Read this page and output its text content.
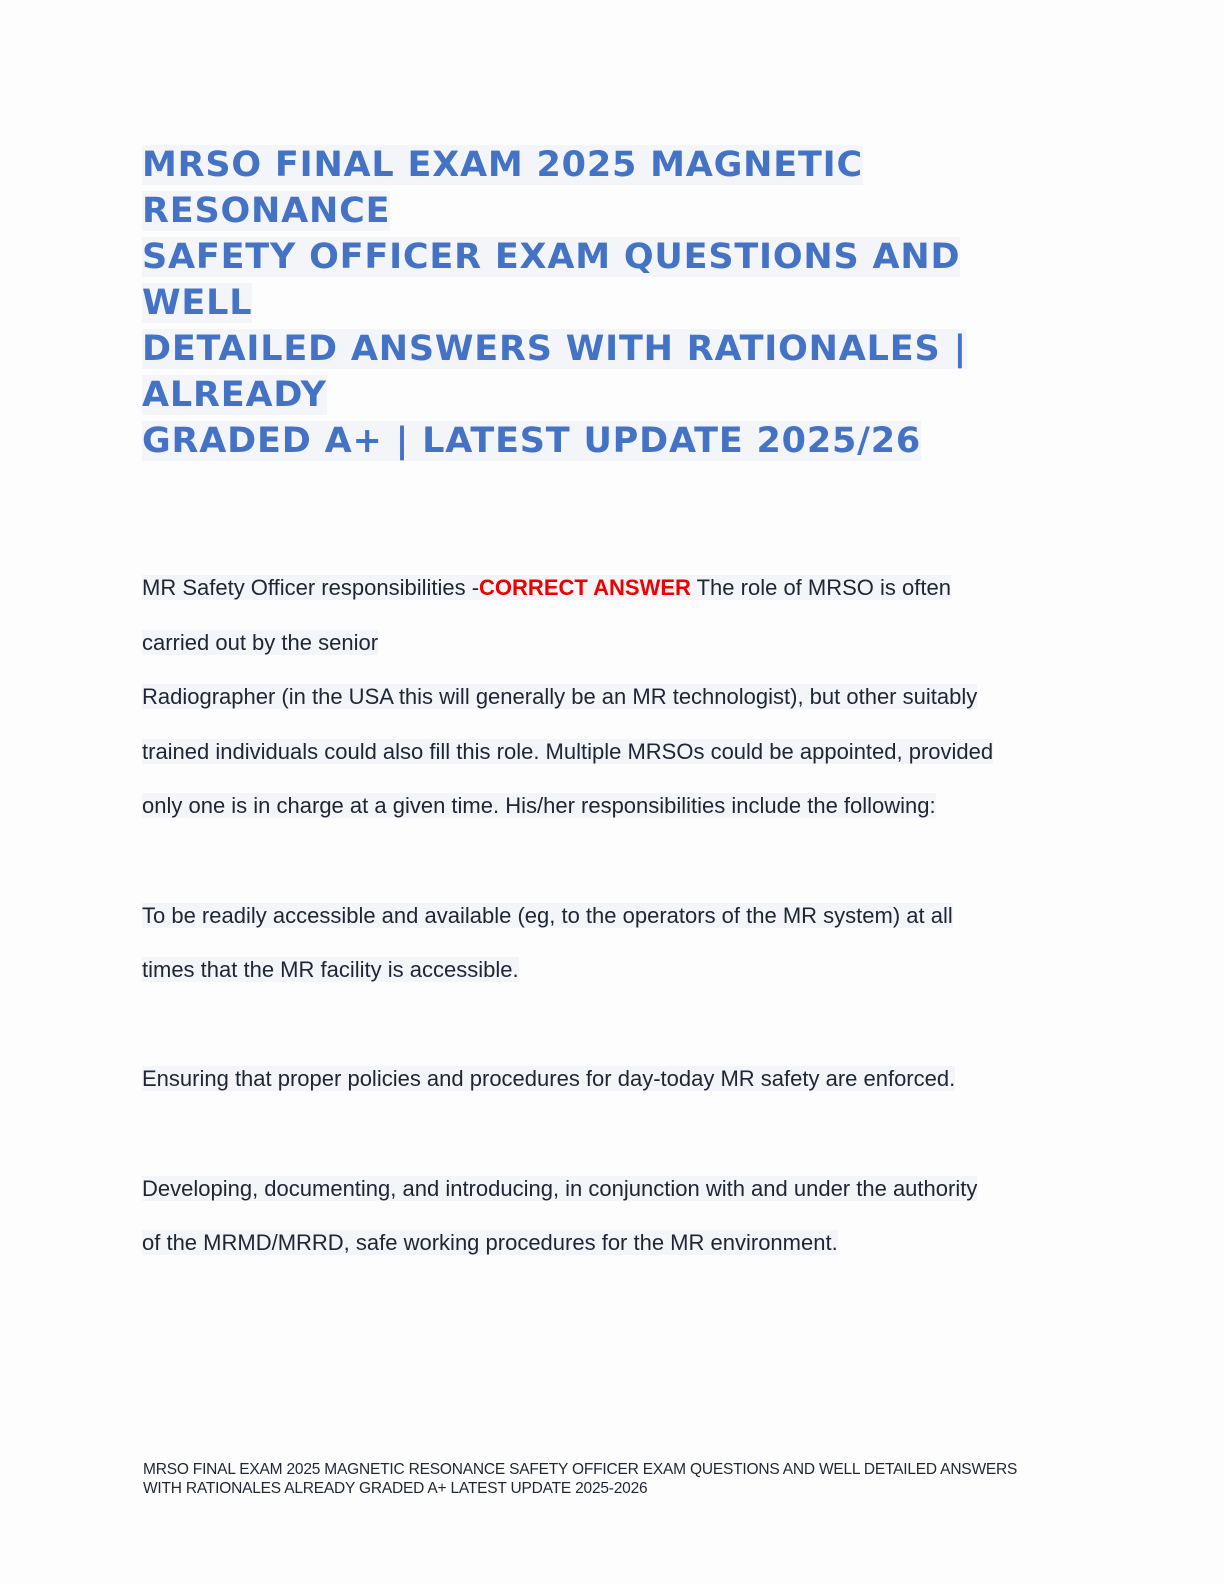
MRSO FINAL EXAM 2025 MAGNETIC
RESONANCE
SAFETY OFFICER EXAM QUESTIONS AND
WELL
DETAILED ANSWERS WITH RATIONALES |
ALREADY
GRADED A+ | LATEST UPDATE 2025/26
MR Safety Officer responsibilities -CORRECT ANSWER The role of MRSO is often
carried out by the senior
Radiographer (in the USA this will generally be an MR technologist), but other suitably
trained individuals could also fill this role. Multiple MRSOs could be appointed, provided
only one is in charge at a given time. His/her responsibilities include the following:
To be readily accessible and available (eg, to the operators of the MR system) at all
times that the MR facility is accessible.
Ensuring that proper policies and procedures for day-today MR safety are enforced.
Developing, documenting, and introducing, in conjunction with and under the authority
of the MRMD/MRRD, safe working procedures for the MR environment.
MRSO FINAL EXAM 2025 MAGNETIC RESONANCE SAFETY OFFICER EXAM QUESTIONS AND WELL DETAILED ANSWERS
WITH RATIONALES ALREADY GRADED A+ LATEST UPDATE 2025-2026
